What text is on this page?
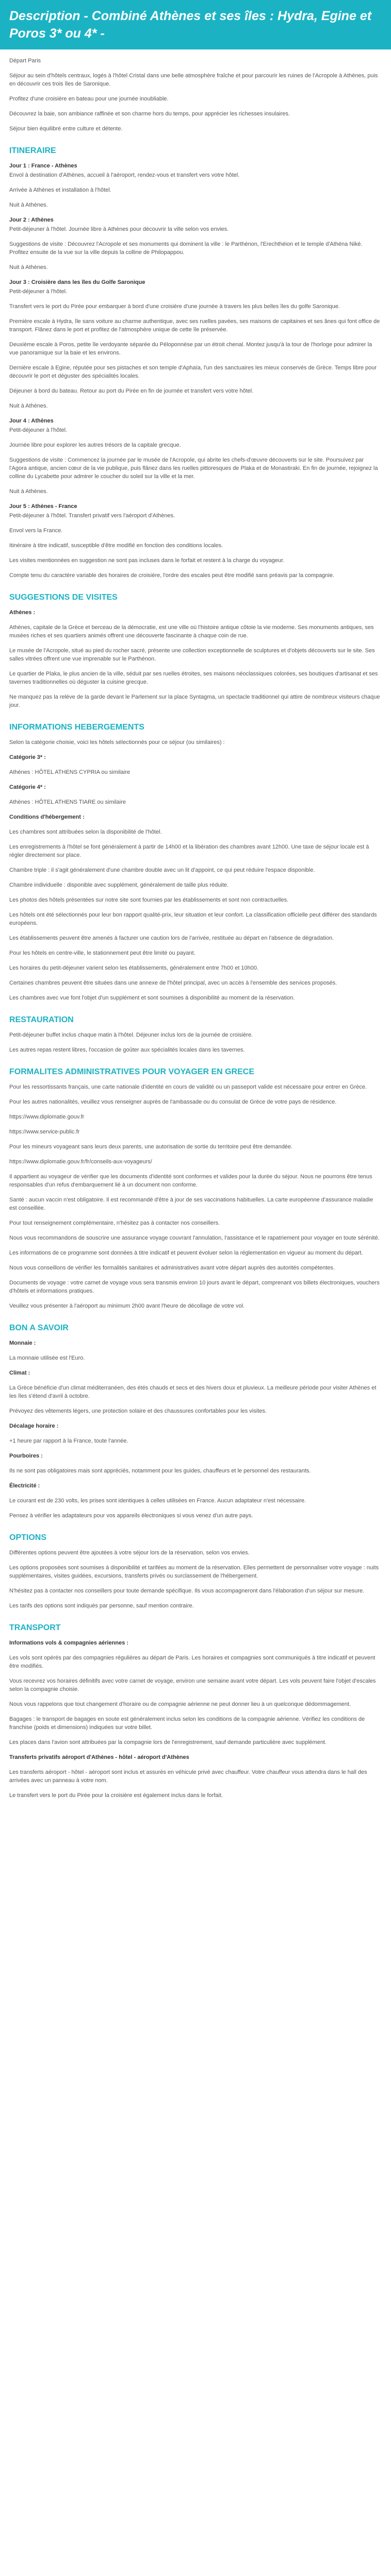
Description - Combiné Athènes et ses îles : Hydra, Egine et Poros 3* ou 4* -

Départ Paris

Séjour au sein d'hôtels centraux, logés à l'hôtel Cristal dans une belle atmosphère fraîche et pour parcourir les ruines de l'Acropole à Athènes, puis en découvrir ces trois îles de Saronique.

Profitez d'une croisière en bateau pour une journée inoubliable.

Découvrez la baie, son ambiance raffinée et son charme hors du temps, pour apprécier les richesses insulaires.

Séjour bien équilibré entre culture et détente.

ITINERAIRE

Jour 1 : France - Athènes

Envol à destination d'Athènes, accueil à l'aéroport, rendez-vous et transfert vers votre hôtel.

Arrivée à Athènes et installation à l'hôtel.

Nuit à Athènes.

Jour 2 : Athènes

Petit-déjeuner à l'hôtel. Journée libre à Athènes pour découvrir la ville selon vos envies.

Suggestions de visite : Découvrez l'Acropole et ses monuments qui dominent la ville : le Parthénon, l'Erechthéion et le temple d'Athéna Niké. Profitez ensuite de la vue sur la ville depuis la colline de Philopappou.

Nuit à Athènes.

Jour 3 : Croisière dans les îles du Golfe Saronique

Petit-déjeuner à l'hôtel.

Transfert vers le port du Pirée pour embarquer à bord d'une croisière d'une journée à travers les plus belles îles du golfe Saronique.

Première escale à Hydra, île sans voiture au charme authentique, avec ses ruelles pavées, ses maisons de capitaines et ses ânes qui font office de transport. Flânez dans le port et profitez de l'atmosphère unique de cette île préservée.

Deuxième escale à Poros, petite île verdoyante séparée du Péloponnèse par un étroit chenal. Montez jusqu'à la tour de l'horloge pour admirer la vue panoramique sur la baie et les environs.

Dernière escale à Egine, réputée pour ses pistaches et son temple d'Aphaïa, l'un des sanctuaires les mieux conservés de Grèce. Temps libre pour découvrir le port et déguster des spécialités locales.

Déjeuner à bord du bateau. Retour au port du Pirée en fin de journée et transfert vers votre hôtel.

Nuit à Athènes.

Jour 4 : Athènes

Petit-déjeuner à l'hôtel.

Journée libre pour explorer les autres trésors de la capitale grecque.

Suggestions de visite : Commencez la journée par le musée de l'Acropole, qui abrite les chefs-d'œuvre découverts sur le site. Poursuivez par l'Agora antique, ancien cœur de la vie publique, puis flânez dans les ruelles pittoresques de Plaka et de Monastiraki. En fin de journée, rejoignez la colline du Lycabette pour admirer le coucher du soleil sur la ville et la mer.

Nuit à Athènes.

Jour 5 : Athènes - France

Petit-déjeuner à l'hôtel. Transfert privatif vers l'aéroport d'Athènes.

Envol vers la France.

Itinéraire à titre indicatif, susceptible d'être modifié en fonction des conditions locales.

Les visites mentionnées en suggestion ne sont pas incluses dans le forfait et restent à la charge du voyageur.

Compte tenu du caractère variable des horaires de croisière, l'ordre des escales peut être modifié sans préavis par la compagnie.

SUGGESTIONS DE VISITES

Athènes :

Athènes, capitale de la Grèce et berceau de la démocratie, est une ville où l'histoire antique côtoie la vie moderne. Ses monuments antiques, ses musées riches et ses quartiers animés offrent une découverte fascinante à chaque coin de rue.

Le musée de l'Acropole, situé au pied du rocher sacré, présente une collection exceptionnelle de sculptures et d'objets découverts sur le site. Ses salles vitrées offrent une vue imprenable sur le Parthénon.

Le quartier de Plaka, le plus ancien de la ville, séduit par ses ruelles étroites, ses maisons néoclassiques colorées, ses boutiques d'artisanat et ses tavernes traditionnelles où déguster la cuisine grecque.

Ne manquez pas la relève de la garde devant le Parlement sur la place Syntagma, un spectacle traditionnel qui attire de nombreux visiteurs chaque jour.

INFORMATIONS HEBERGEMENTS

Selon la catégorie choisie, voici les hôtels sélectionnés pour ce séjour (ou similaires) :

Catégorie 3* :

Athènes : HÔTEL ATHENS CYPRIA ou similaire

Catégorie 4* :

Athènes : HÔTEL ATHENS TIARE ou similaire

Conditions d'hébergement :

Les chambres sont attribuées selon la disponibilité de l'hôtel.

Les enregistrements à l'hôtel se font généralement à partir de 14h00 et la libération des chambres avant 12h00. Une taxe de séjour locale est à régler directement sur place.

Chambre triple : il s'agit généralement d'une chambre double avec un lit d'appoint, ce qui peut réduire l'espace disponible.

Chambre individuelle : disponible avec supplément, généralement de taille plus réduite.

Les photos des hôtels présentées sur notre site sont fournies par les établissements et sont non contractuelles.

Les hôtels ont été sélectionnés pour leur bon rapport qualité-prix, leur situation et leur confort. La classification officielle peut différer des standards européens.

Les établissements peuvent être amenés à facturer une caution lors de l'arrivée, restituée au départ en l'absence de dégradation.

Pour les hôtels en centre-ville, le stationnement peut être limité ou payant.

Les horaires du petit-déjeuner varient selon les établissements, généralement entre 7h00 et 10h00.

Certaines chambres peuvent être situées dans une annexe de l'hôtel principal, avec un accès à l'ensemble des services proposés.

Les chambres avec vue font l'objet d'un supplément et sont soumises à disponibilité au moment de la réservation.

RESTAURATION

Petit-déjeuner buffet inclus chaque matin à l'hôtel. Déjeuner inclus lors de la journée de croisière.

Les autres repas restent libres, l'occasion de goûter aux spécialités locales dans les tavernes.

FORMALITES ADMINISTRATIVES POUR VOYAGER EN GRECE

Pour les ressortissants français, une carte nationale d'identité en cours de validité ou un passeport valide est nécessaire pour entrer en Grèce.

Pour les autres nationalités, veuillez vous renseigner auprès de l'ambassade ou du consulat de Grèce de votre pays de résidence.

https://www.diplomatie.gouv.fr

https://www.service-public.fr

Pour les mineurs voyageant sans leurs deux parents, une autorisation de sortie du territoire peut être demandée.

https://www.diplomatie.gouv.fr/fr/conseils-aux-voyageurs/

Il appartient au voyageur de vérifier que les documents d'identité sont conformes et valides pour la durée du séjour. Nous ne pourrons être tenus responsables d'un refus d'embarquement lié à un document non conforme.

Santé : aucun vaccin n'est obligatoire. Il est recommandé d'être à jour de ses vaccinations habituelles. La carte européenne d'assurance maladie est conseillée.

Pour tout renseignement complémentaire, n'hésitez pas à contacter nos conseillers.

Nous vous recommandons de souscrire une assurance voyage couvrant l'annulation, l'assistance et le rapatriement pour voyager en toute sérénité.

Les informations de ce programme sont données à titre indicatif et peuvent évoluer selon la réglementation en vigueur au moment du départ.

Nous vous conseillons de vérifier les formalités sanitaires et administratives avant votre départ auprès des autorités compétentes.

Documents de voyage : votre carnet de voyage vous sera transmis environ 10 jours avant le départ, comprenant vos billets électroniques, vouchers d'hôtels et informations pratiques.

Veuillez vous présenter à l'aéroport au minimum 2h00 avant l'heure de décollage de votre vol.

BON A SAVOIR

Monnaie :

La monnaie utilisée est l'Euro.

Climat :

La Grèce bénéficie d'un climat méditerranéen, des étés chauds et secs et des hivers doux et pluvieux. La meilleure période pour visiter Athènes et les îles s'étend d'avril à octobre.

Prévoyez des vêtements légers, une protection solaire et des chaussures confortables pour les visites.

Décalage horaire :

+1 heure par rapport à la France, toute l'année.

Pourboires :

Ils ne sont pas obligatoires mais sont appréciés, notamment pour les guides, chauffeurs et le personnel des restaurants.

Électricité :

Le courant est de 230 volts, les prises sont identiques à celles utilisées en France. Aucun adaptateur n'est nécessaire.

Pensez à vérifier les adaptateurs pour vos appareils électroniques si vous venez d'un autre pays.

OPTIONS

Différentes options peuvent être ajoutées à votre séjour lors de la réservation, selon vos envies.

Les options proposées sont soumises à disponibilité et tarifées au moment de la réservation. Elles permettent de personnaliser votre voyage : nuits supplémentaires, visites guidées, excursions, transferts privés ou surclassement de l'hébergement.

N'hésitez pas à contacter nos conseillers pour toute demande spécifique. Ils vous accompagneront dans l'élaboration d'un séjour sur mesure.

Les tarifs des options sont indiqués par personne, sauf mention contraire.

TRANSPORT

Informations vols & compagnies aériennes :

Les vols sont opérés par des compagnies régulières au départ de Paris. Les horaires et compagnies sont communiqués à titre indicatif et peuvent être modifiés.

Vous recevrez vos horaires définitifs avec votre carnet de voyage, environ une semaine avant votre départ. Les vols peuvent faire l'objet d'escales selon la compagnie choisie.

Nous vous rappelons que tout changement d'horaire ou de compagnie aérienne ne peut donner lieu à un quelconque dédommagement.

Bagages : le transport de bagages en soute est généralement inclus selon les conditions de la compagnie aérienne. Vérifiez les conditions de franchise (poids et dimensions) indiquées sur votre billet.

Les places dans l'avion sont attribuées par la compagnie lors de l'enregistrement, sauf demande particulière avec supplément.

Transferts privatifs aéroport d'Athènes - hôtel - aéroport d'Athènes

Les transferts aéroport - hôtel - aéroport sont inclus et assurés en véhicule privé avec chauffeur. Votre chauffeur vous attendra dans le hall des arrivées avec un panneau à votre nom.

Le transfert vers le port du Pirée pour la croisière est également inclus dans le forfait.
